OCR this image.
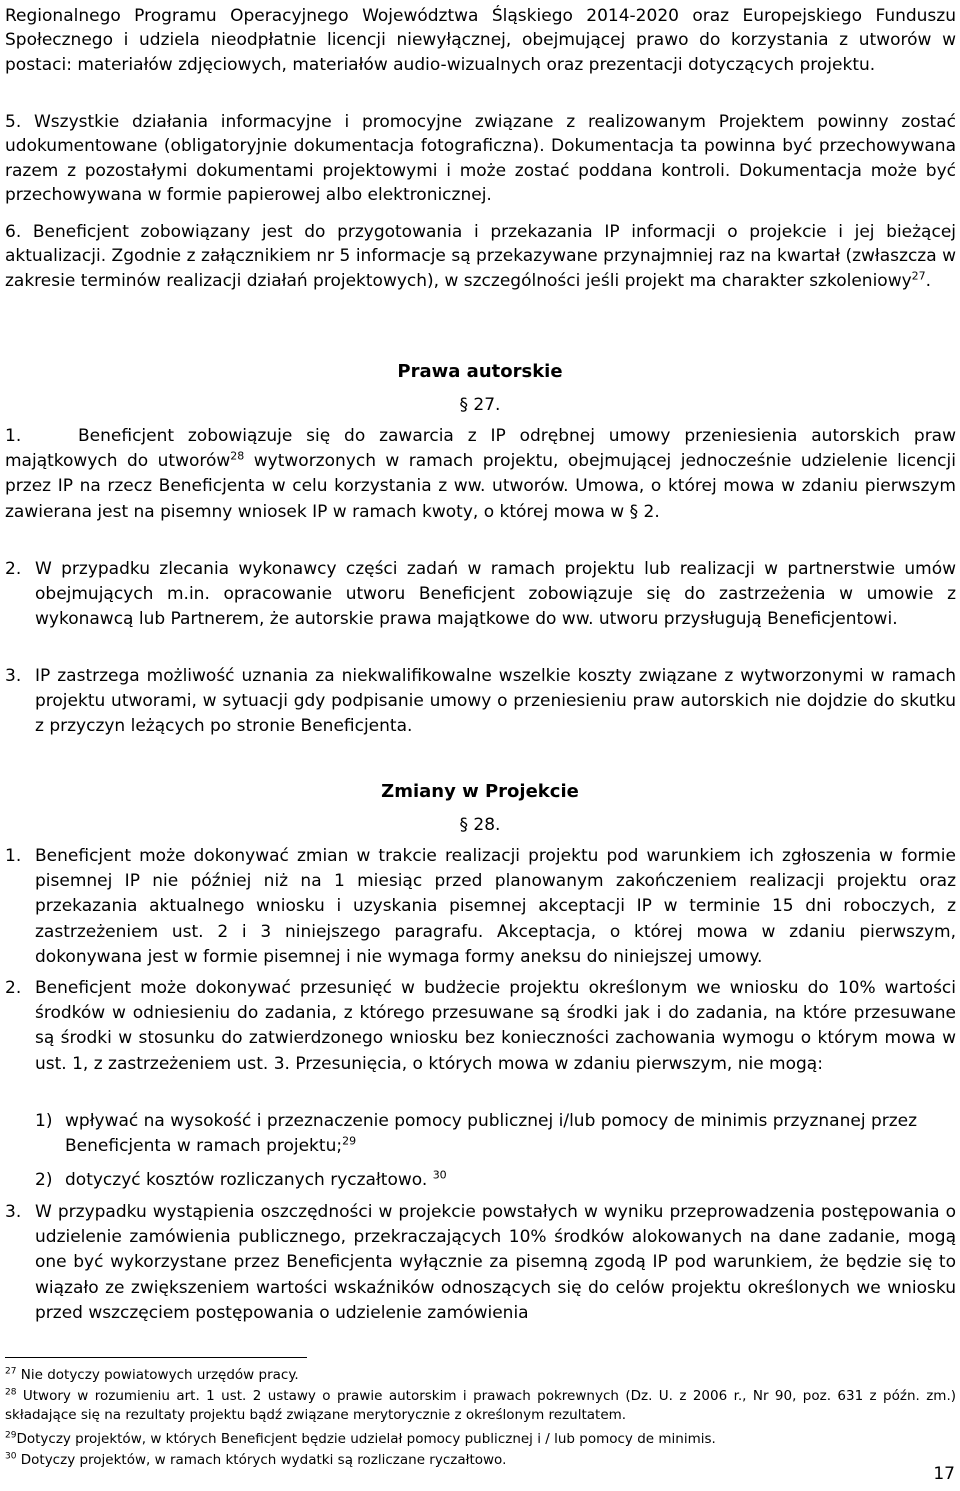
Regionalnego Programu Operacyjnego Województwa Śląskiego 2014-2020 oraz Europejskiego Funduszu Społecznego i udziela nieodpłatnie licencji niewyłącznej, obejmującej prawo do korzystania z utworów w postaci: materiałów zdjęciowych, materiałów audio-wizualnych oraz prezentacji dotyczących projektu.
5. Wszystkie działania informacyjne i promocyjne związane z realizowanym Projektem powinny zostać udokumentowane (obligatoryjnie dokumentacja fotograficzna). Dokumentacja ta powinna być przechowywana razem z pozostałymi dokumentami projektowymi i może zostać poddana kontroli. Dokumentacja może być przechowywana w formie papierowej albo elektronicznej.
6. Beneficjent zobowiązany jest do przygotowania i przekazania IP informacji o projekcie i jej bieżącej aktualizacji. Zgodnie z załącznikiem nr 5 informacje są przekazywane przynajmniej raz na kwartał (zwłaszcza w zakresie terminów realizacji działań projektowych), w szczególności jeśli projekt ma charakter szkoleniowy$^{27}$.
Prawa autorskie
§ 27.
1.	Beneficjent zobowiązuje się do zawarcia z IP odrębnej umowy przeniesienia autorskich praw majątkowych do utworów$^{28}$ wytworzonych w ramach projektu, obejmującej jednocześnie udzielenie licencji przez IP na rzecz Beneficjenta w celu korzystania z ww. utworów. Umowa, o której mowa w zdaniu pierwszym zawierana jest na pisemny wniosek IP w ramach kwoty, o której mowa w § 2.
2. W przypadku zlecania wykonawcy części zadań w ramach projektu lub realizacji w partnerstwie umów obejmujących m.in. opracowanie utworu Beneficjent zobowiązuje się do zastrzeżenia w umowie z wykonawcą lub Partnerem, że autorskie prawa majątkowe do ww. utworu przysługują Beneficjentowi.
3. IP zastrzega możliwość uznania za niekwalifikowalne wszelkie koszty związane z wytworzonymi w ramach projektu utworami, w sytuacji gdy podpisanie umowy o przeniesieniu praw autorskich nie dojdzie do skutku z przyczyn leżących po stronie Beneficjenta.
Zmiany w Projekcie
§ 28.
1. Beneficjent może dokonywać zmian w trakcie realizacji projektu pod warunkiem ich zgłoszenia w formie pisemnej IP nie później niż na 1 miesiąc przed planowanym zakończeniem realizacji projektu oraz przekazania aktualnego wniosku i uzyskania pisemnej akceptacji IP w terminie 15 dni roboczych, z zastrzeżeniem ust. 2 i 3 niniejszego paragrafu. Akceptacja, o której mowa w zdaniu pierwszym, dokonywana jest w formie pisemnej i nie wymaga formy aneksu do niniejszej umowy.
2. Beneficjent może dokonywać przesunięć w budżecie projektu określonym we wniosku do 10% wartości środków w odniesieniu do zadania, z którego przesuwane są środki jak i do zadania, na które przesuwane są środki w stosunku do zatwierdzonego wniosku bez konieczności zachowania wymogu o którym mowa w ust. 1, z zastrzeżeniem ust. 3. Przesunięcia, o których mowa w zdaniu pierwszym, nie mogą:
1) wpływać na wysokość i przeznaczenie pomocy publicznej i/lub pomocy de minimis przyznanej przez Beneficjenta w ramach projektu;$^{29}$
2) dotyczyć kosztów rozliczanych ryczałtowo. $^{30}$
3. W przypadku wystąpienia oszczędności w projekcie powstałych w wyniku przeprowadzenia postępowania o udzielenie zamówienia publicznego, przekraczających 10% środków alokowanych na dane zadanie, mogą one być wykorzystane przez Beneficjenta wyłącznie za pisemną zgodą IP pod warunkiem, że będzie się to wiązało ze zwiększeniem wartości wskaźników odnoszących się do celów projektu określonych we wniosku przed wszczęciem postępowania o udzielenie zamówienia
$^{27}$ Nie dotyczy powiatowych urzędów pracy.
$^{28}$ Utwory w rozumieniu art. 1 ust. 2 ustawy o prawie autorskim i prawach pokrewnych (Dz. U. z 2006 r., Nr 90, poz. 631 z późn. zm.) składające się na rezultaty projektu bądź związane merytorycznie z określonym rezultatem.
$^{29}$Dotyczy projektów, w których Beneficjent będzie udzielał pomocy publicznej i / lub pomocy de minimis.
$^{30}$ Dotyczy projektów, w ramach których wydatki są rozliczane ryczałtowo.
17
